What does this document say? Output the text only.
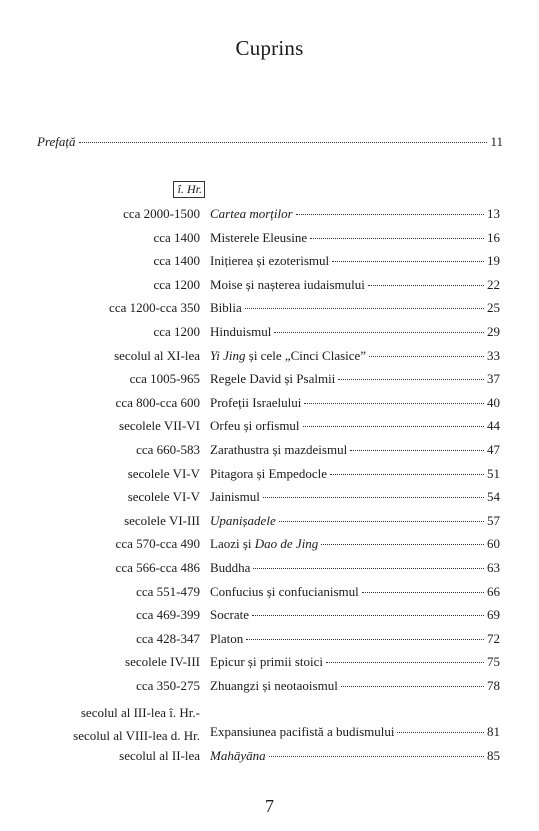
Cuprins
Prefață	11
î. Hr.
cca 2000-1500 Cartea morților	13
cca 1400 Misterele Eleusine	16
cca 1400 Inițierea și ezoterismul	19
cca 1200 Moise și nașterea iudaismului	22
cca 1200-cca 350 Biblia	25
cca 1200 Hinduismul	29
secolul al XI-lea Yi Jing și cele „Cinci Clasice”	33
cca 1005-965 Regele David și Psalmii	37
cca 800-cca 600 Profeții Israelului	40
secolele VII-VI Orfeu și orfismul	44
cca 660-583 Zarathustra și mazdeismul	47
secolele VI-V Pitagora și Empedocle	51
secolele VI-V Jainismul	54
secolele VI-III Upanișadele	57
cca 570-cca 490 Laozi și Dao de Jing	60
cca 566-cca 486 Buddha	63
cca 551-479 Confucius și confucianismul	66
cca 469-399 Socrate	69
cca 428-347 Platon	72
secolele IV-III Epicur și primii stoici	75
cca 350-275 Zhuangzi și neotaoismul	78
secolul al III-lea î. Hr.-
secolul al VIII-lea d. Hr. Expansiunea pacifistă a budismului	81
secolul al II-lea Mahāyāna	85
7
